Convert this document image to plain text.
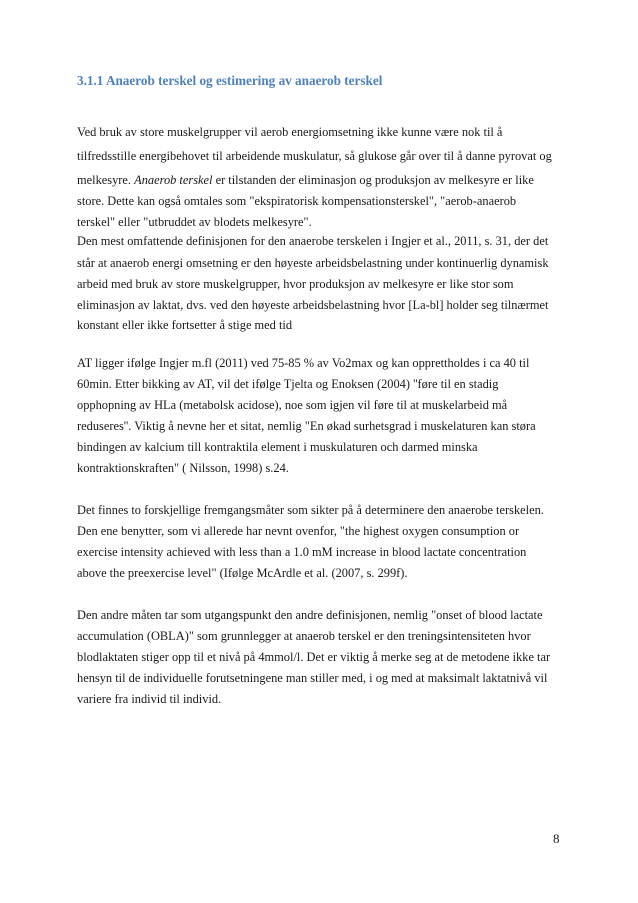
3.1.1 Anaerob terskel og estimering av anaerob terskel

Ved bruk av store muskelgrupper vil aerob energiomsetning ikke kunne være nok til å

tilfredsstille energibehovet til arbeidende muskulatur, så glukose går over til å danne pyrovat og

melkesyre. Anaerob terskel er tilstanden der eliminasjon og produksjon av melkesyre er like

store. Dette kan også omtales som "ekspiratorisk kompensationsterskel", "aerob-anaerob

terskel" eller "utbruddet av blodets melkesyre".

Den mest omfattende definisjonen for den anaerobe terskelen i Ingjer et al., 2011, s. 31, der det

står at anaerob energi omsetning er den høyeste arbeidsbelastning under kontinuerlig dynamisk

arbeid med bruk av store muskelgrupper, hvor produksjon av melkesyre er like stor som

eliminasjon av laktat, dvs. ved den høyeste arbeidsbelastning hvor [La-bl] holder seg tilnærmet

konstant eller ikke fortsetter å stige med tid

AT ligger ifølge Ingjer m.fl (2011) ved 75-85 % av Vo2max og kan opprettholdes i ca 40 til

60min. Etter bikking av AT, vil det ifølge Tjelta og Enoksen (2004) ''føre til en stadig

opphopning av HLa (metabolsk acidose), noe som igjen vil føre til at muskelarbeid må

reduseres''. Viktig å nevne her et sitat, nemlig "En økad surhetsgrad i muskelaturen kan støra

bindingen av kalcium till kontraktila element i muskulaturen och darmed minska

kontraktionskraften" ( Nilsson, 1998) s.24.

Det finnes to forskjellige fremgangsmåter som sikter på å determinere den anaerobe terskelen.

Den ene benytter, som vi allerede har nevnt ovenfor, "the highest oxygen consumption or

exercise intensity achieved with less than a 1.0 mM increase in blood lactate concentration

above the preexercise level" (Ifølge McArdle et al. (2007, s. 299f).

Den andre måten tar som utgangspunkt den andre definisjonen, nemlig "onset of blood lactate

accumulation (OBLA)" som grunnlegger at anaerob terskel er den treningsintensiteten hvor

blodlaktaten stiger opp til et nivå på 4mmol/l. Det er viktig å merke seg at de metodene ikke tar

hensyn til de individuelle forutsetningene man stiller med, i og med at maksimalt laktatnivå vil

variere fra individ til individ.

8
